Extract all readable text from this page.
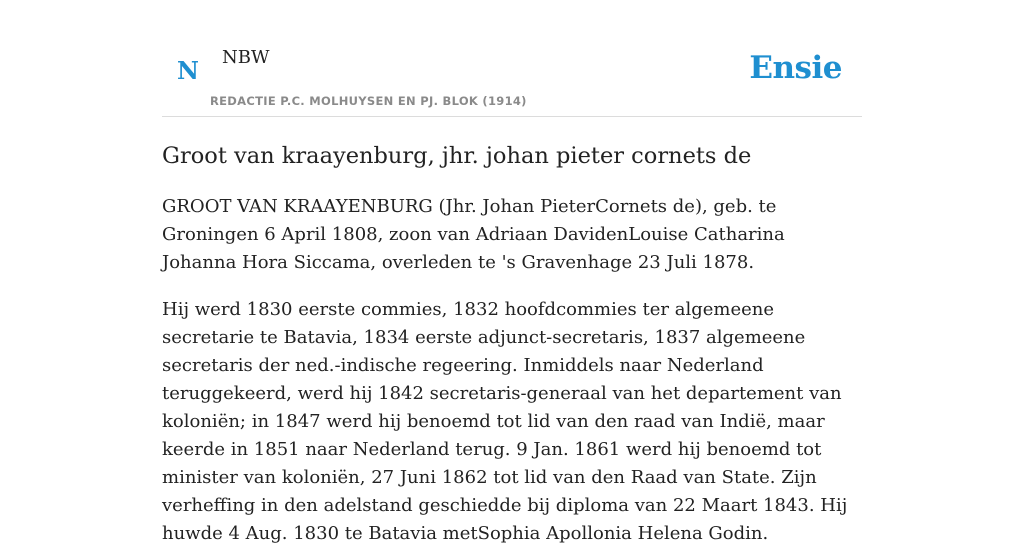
N NBW
REDACTIE P.C. MOLHUYSEN EN PJ. BLOK (1914)
Ensie
Groot van kraayenburg, jhr. johan pieter cornets de

GROOT VAN KRAAYENBURG (Jhr. Johan PieterCornets de), geb. te Groningen 6 April 1808, zoon van Adriaan DavidenLouise Catharina Johanna Hora Siccama, overleden te 's Gravenhage 23 Juli 1878.

Hij werd 1830 eerste commies, 1832 hoofdcommies ter algemeene secretarie te Batavia, 1834 eerste adjunct-secretaris, 1837 algemeene secretaris der ned.-indische regeering. Inmiddels naar Nederland teruggekeerd, werd hij 1842 secretaris-generaal van het departement van koloniën; in 1847 werd hij benoemd tot lid van den raad van Indië, maar keerde in 1851 naar Nederland terug. 9 Jan. 1861 werd hij benoemd tot minister van koloniën, 27 Juni 1862 tot lid van den Raad van State. Zijn verheffing in den adelstand geschiedde bij diploma van 22 Maart 1843. Hij huwde 4 Aug. 1830 te Batavia metSophia Apollonia Helena Godin.
